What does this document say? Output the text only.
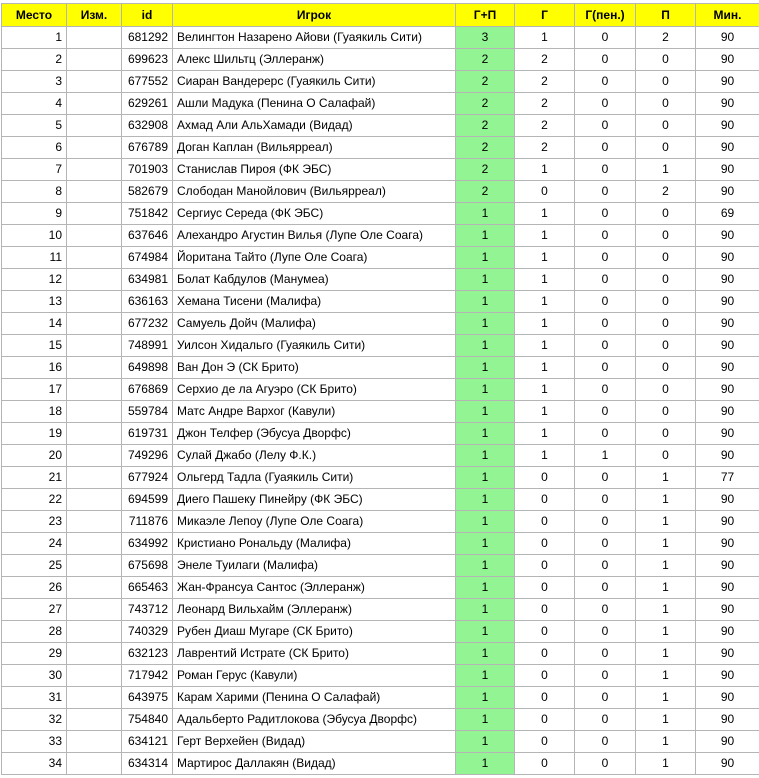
Место	Изм.	id	Игрок	Г+П	Г	Г(пен.)	П	Мин.
1		681292	Велингтон Назарено Айови (Гуаякиль Сити)	3	1	0	2	90
2		699623	Алекс Шильтц (Эллеранж)	2	2	0	0	90
3		677552	Сиаран Вандерерс (Гуаякиль Сити)	2	2	0	0	90
4		629261	Ашли Мадука (Пенина О Салафай)	2	2	0	0	90
5		632908	Ахмад Али АльХамади (Видад)	2	2	0	0	90
6		676789	Доган Каплан (Вильярреал)	2	2	0	0	90
7		701903	Станислав Пироя (ФК ЭБС)	2	1	0	1	90
8		582679	Слободан Манойлович (Вильярреал)	2	0	0	2	90
9		751842	Сергиус Середа (ФК ЭБС)	1	1	0	0	69
10		637646	Алехандро Агустин Вилья (Лупе Оле Соага)	1	1	0	0	90
11		674984	Йоритана Тайто (Лупе Оле Соага)	1	1	0	0	90
12		634981	Болат Кабдулов (Манумеа)	1	1	0	0	90
13		636163	Хемана Тисени (Малифа)	1	1	0	0	90
14		677232	Самуель Дойч (Малифа)	1	1	0	0	90
15		748991	Уилсон Хидальго (Гуаякиль Сити)	1	1	0	0	90
16		649898	Ван Дон Э (СК Брито)	1	1	0	0	90
17		676869	Серхио де ла Агуэро (СК Брито)	1	1	0	0	90
18		559784	Матс Андре Вархог (Кавули)	1	1	0	0	90
19		619731	Джон Телфер (Эбусуа Дворфс)	1	1	0	0	90
20		749296	Сулай Джабо (Лелу Ф.К.)	1	1	1	0	90
21		677924	Ольгерд Тадла (Гуаякиль Сити)	1	0	0	1	77
22		694599	Диего Пашеку Пинейру (ФК ЭБС)	1	0	0	1	90
23		711876	Микаэле Лепоу (Лупе Оле Соага)	1	0	0	1	90
24		634992	Кристиано Рональду (Малифа)	1	0	0	1	90
25		675698	Энеле Туилаги (Малифа)	1	0	0	1	90
26		665463	Жан-Франсуа Сантос (Эллеранж)	1	0	0	1	90
27		743712	Леонард Вильхайм (Эллеранж)	1	0	0	1	90
28		740329	Рубен Диаш Мугаре (СК Брито)	1	0	0	1	90
29		632123	Лаврентий Истрате (СК Брито)	1	0	0	1	90
30		717942	Роман Герус (Кавули)	1	0	0	1	90
31		643975	Карам Харими (Пенина О Салафай)	1	0	0	1	90
32		754840	Адальберто Радитлокова (Эбусуа Дворфс)	1	0	0	1	90
33		634121	Герт Верхейен (Видад)	1	0	0	1	90
34		634314	Мартирос Даллакян (Видад)	1	0	0	1	90
